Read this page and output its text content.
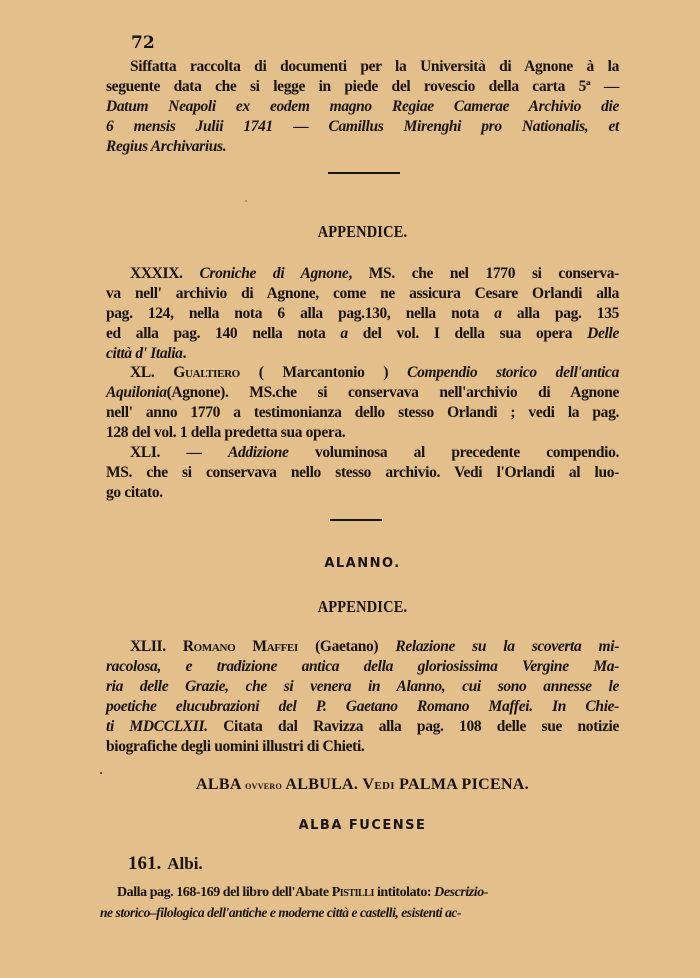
72
Siffatta raccolta di documenti per la Università di Agnone à la
seguente data che si legge in piede del rovescio della carta 5ª —
Datum Neapoli ex eodem magno Regiae Camerae Archivio die
6 mensis Julii 1741 — Camillus Mirenghi pro Nationalis, et
Regius Archivarius.
APPENDICE.
XXXIX. Croniche di Agnone, MS. che nel 1770 si conserva-
va nell' archivio di Agnone, come ne assicura Cesare Orlandi alla
pag. 124, nella nota 6 alla pag.130, nella nota a alla pag. 135
ed alla pag. 140 nella nota a del vol. I della sua opera Delle
città d' Italia.
XL. Gualtiero ( Marcantonio ) Compendio storico dell'antica
Aquilonia(Agnone). MS.che si conservava nell'archivio di Agnone
nell' anno 1770 a testimonianza dello stesso Orlandi ; vedi la pag.
128 del vol. 1 della predetta sua opera.
XLI. — Addizione voluminosa al precedente compendio.
MS. che si conservava nello stesso archivio. Vedi l'Orlandi al luo-
go citato.
ALANNO.
APPENDICE.
XLII. Romano Maffei (Gaetano) Relazione su la scoverta mi-
racolosa, e tradizione antica della gloriosissima Vergine Ma-
ria delle Grazie, che si venera in Alanno, cui sono annesse le
poetiche elucubrazioni del P. Gaetano Romano Maffei. In Chie-
ti MDCCLXII. Citata dal Ravizza alla pag. 108 delle sue notizie
biografiche degli uomini illustri di Chieti.
ALBA ovvero ALBULA. Vedi PALMA PICENA.
ALBA FUCENSE
161. Albi.
Dalla pag. 168-169 del libro dell'Abate Pistilli intitolato: Descrizio-
ne storico–filologica dell'antiche e moderne città e castelli, esistenti ac-
